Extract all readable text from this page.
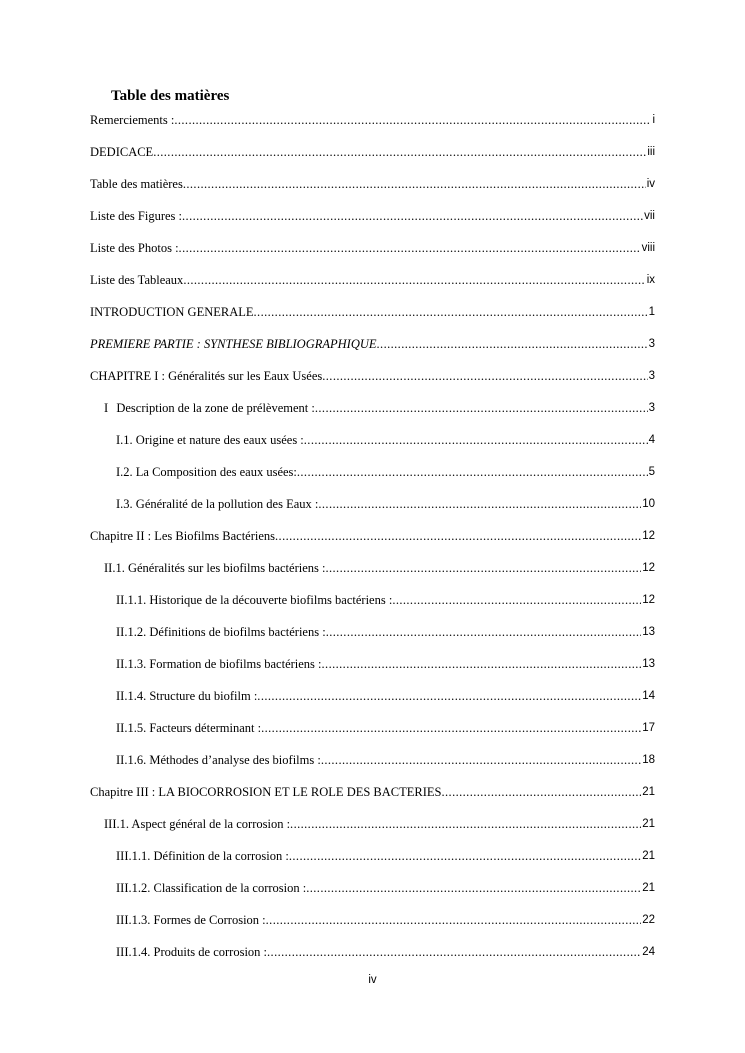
Table des matières
Remerciements : .....	i
DEDICACE .....	iii
Table des matières .....	iv
Liste des Figures : .....	vii
Liste des Photos : .....	viii
Liste des Tableaux .....	ix
INTRODUCTION GENERALE .....	1
PREMIERE PARTIE : SYNTHESE BIBLIOGRAPHIQUE .....	3
CHAPITRE I : Généralités sur les Eaux Usées .....	3
I Description de la zone de prélèvement : .....	3
I.1. Origine et nature des eaux usées : .....	4
I.2. La Composition des eaux usées: .....	5
I.3. Généralité de la pollution des Eaux : .....	10
Chapitre II : Les Biofilms Bactériens .....	12
II.1. Généralités sur les biofilms bactériens : .....	12
II.1.1. Historique de la découverte biofilms bactériens : .....	12
II.1.2. Définitions de biofilms bactériens : .....	13
II.1.3. Formation de biofilms bactériens : .....	13
II.1.4. Structure du biofilm : .....	14
II.1.5. Facteurs déterminant : .....	17
II.1.6. Méthodes d’analyse des biofilms : .....	18
Chapitre III : LA BIOCORROSION ET LE ROLE DES BACTERIES .....	21
III.1. Aspect général de la corrosion : .....	21
III.1.1. Définition de la corrosion : .....	21
III.1.2. Classification de la corrosion : .....	21
III.1.3. Formes de Corrosion : .....	22
III.1.4. Produits de corrosion : .....	24
iv
